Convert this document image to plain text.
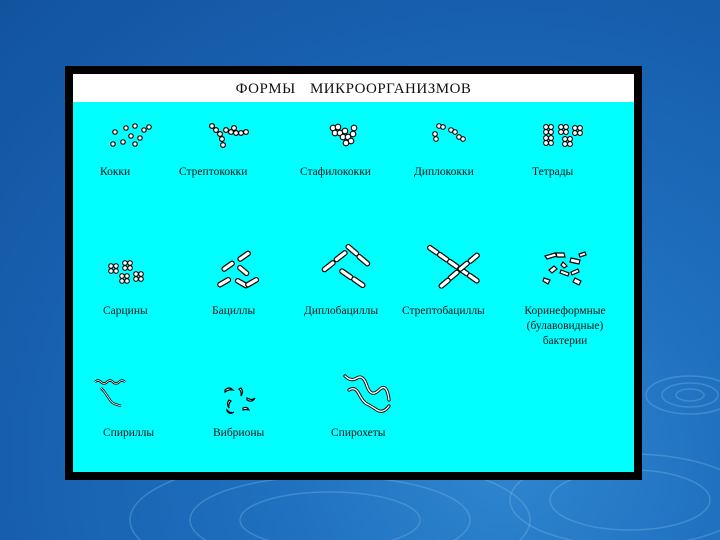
ФОРМЫ МИКРООРГАНИЗМОВ
Кокки	Стрептококки	Стафилококки	Диплококки	Тетрады
Сарцины	Бациллы	Диплобациллы Стрептобациллы	Коринеформные
(булавовидные)
бактерии
Спириллы	Вибрионы	Спирохеты
